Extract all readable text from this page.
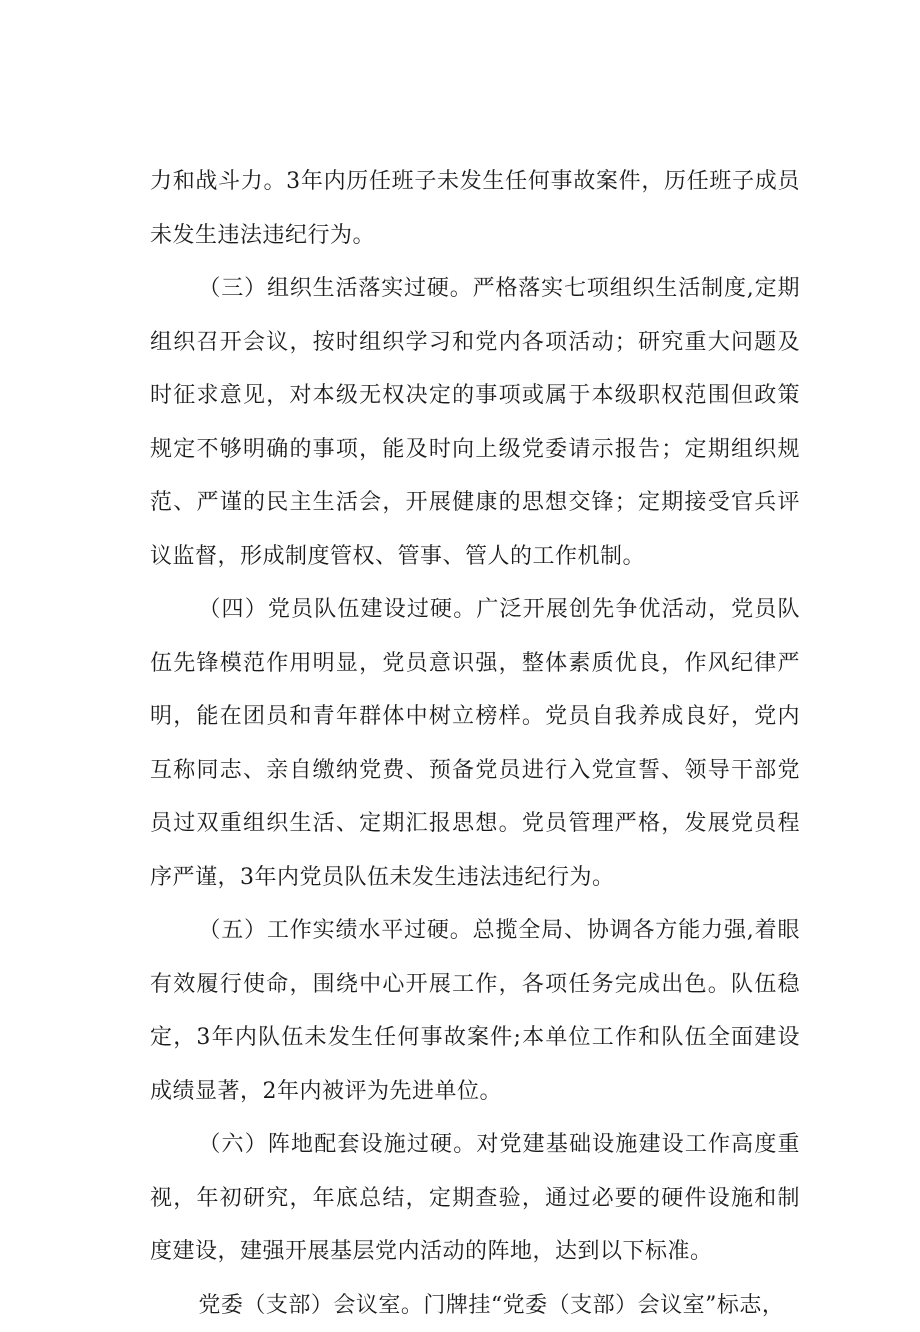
力和战斗力。3年内历任班子未发生任何事故案件，历任班子成员未发生违法违纪行为。

（三）组织生活落实过硬。严格落实七项组织生活制度,定期组织召开会议，按时组织学习和党内各项活动；研究重大问题及时征求意见，对本级无权决定的事项或属于本级职权范围但政策规定不够明确的事项，能及时向上级党委请示报告；定期组织规范、严谨的民主生活会，开展健康的思想交锋；定期接受官兵评议监督，形成制度管权、管事、管人的工作机制。

（四）党员队伍建设过硬。广泛开展创先争优活动，党员队伍先锋模范作用明显，党员意识强，整体素质优良，作风纪律严明，能在团员和青年群体中树立榜样。党员自我养成良好，党内互称同志、亲自缴纳党费、预备党员进行入党宣誓、领导干部党员过双重组织生活、定期汇报思想。党员管理严格，发展党员程序严谨，3年内党员队伍未发生违法违纪行为。

（五）工作实绩水平过硬。总揽全局、协调各方能力强,着眼有效履行使命，围绕中心开展工作，各项任务完成出色。队伍稳定，3年内队伍未发生任何事故案件;本单位工作和队伍全面建设成绩显著，2年内被评为先进单位。

（六）阵地配套设施过硬。对党建基础设施建设工作高度重视，年初研究，年底总结，定期查验，通过必要的硬件设施和制度建设，建强开展基层党内活动的阵地，达到以下标准。

党委（支部）会议室。门牌挂“党委（支部）会议室”标志，
